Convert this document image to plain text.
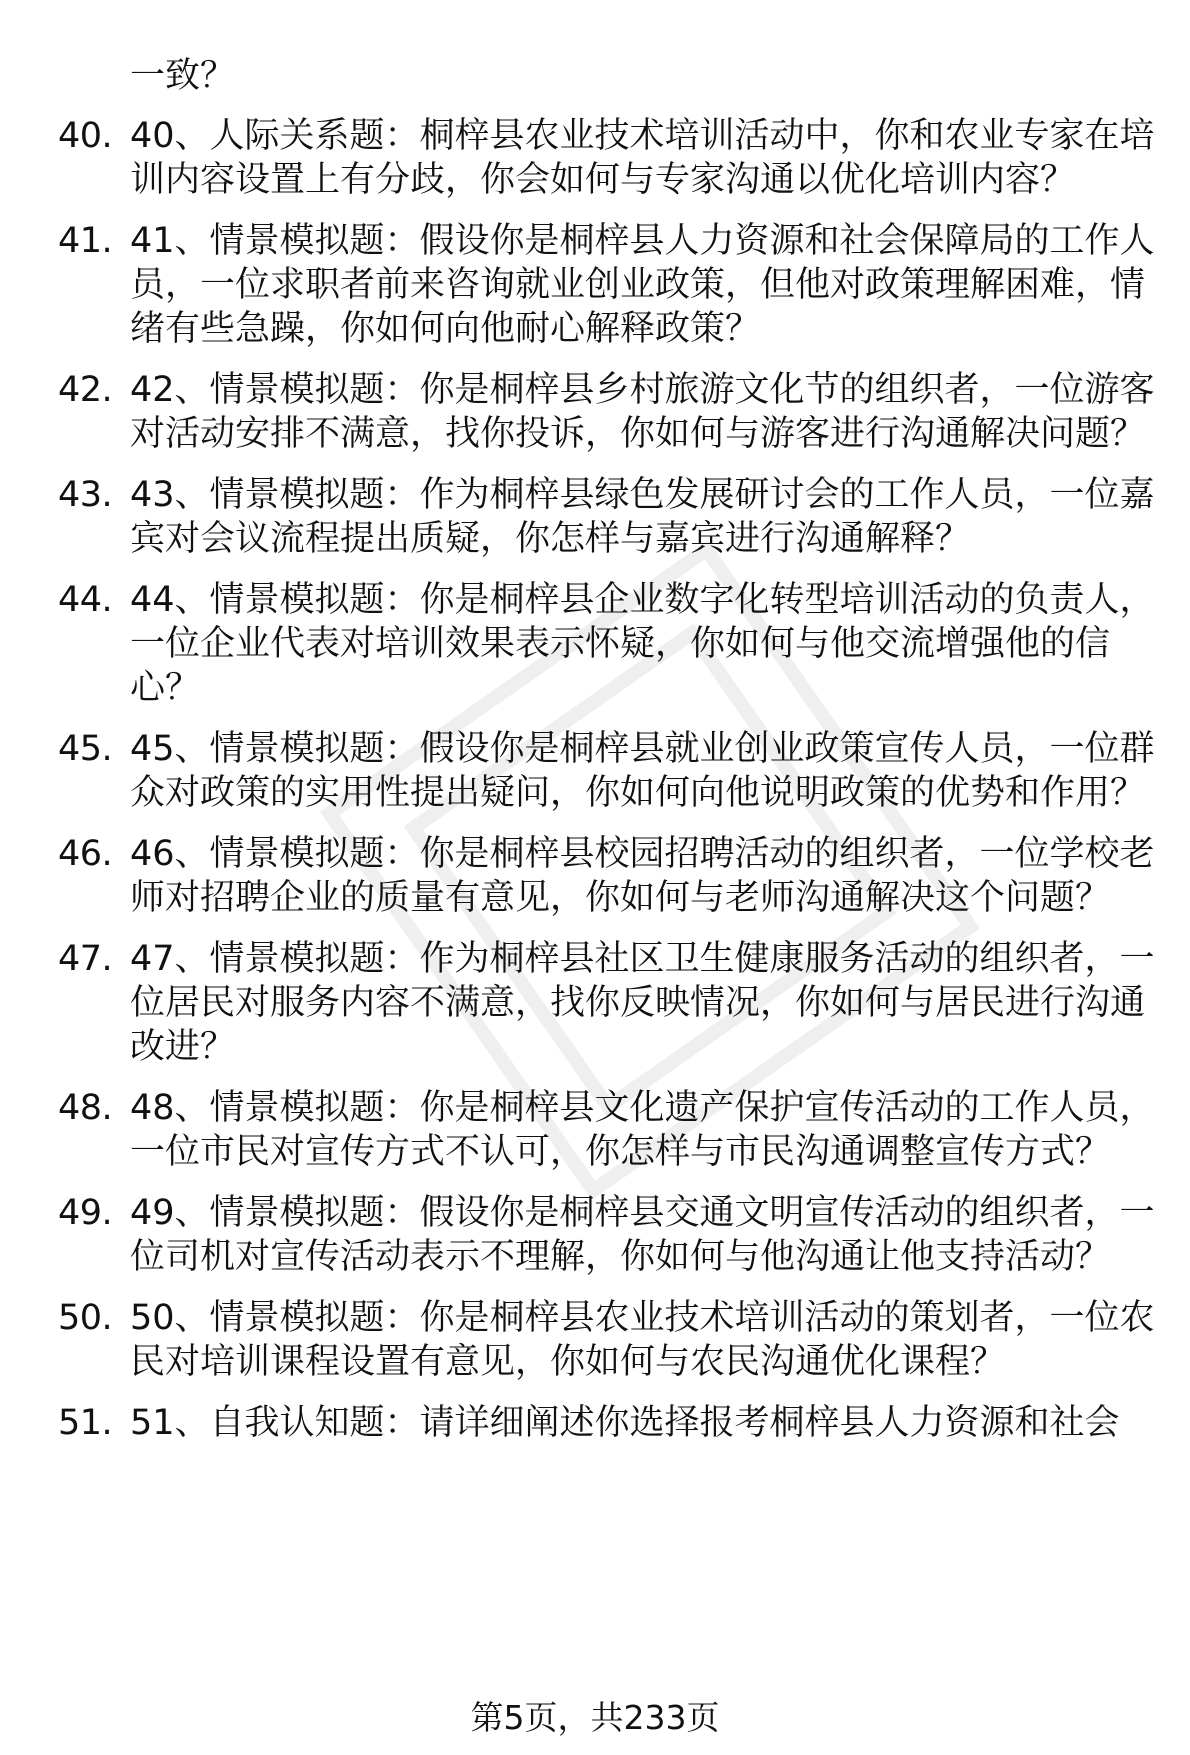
一致？
40. 40、人际关系题：桐梓县农业技术培训活动中，你和农业专家在培训内容设置上有分歧，你会如何与专家沟通以优化培训内容？
41. 41、情景模拟题：假设你是桐梓县人力资源和社会保障局的工作人员，一位求职者前来咨询就业创业政策，但他对政策理解困难，情绪有些急躁，你如何向他耐心解释政策？
42. 42、情景模拟题：你是桐梓县乡村旅游文化节的组织者，一位游客对活动安排不满意，找你投诉，你如何与游客进行沟通解决问题？
43. 43、情景模拟题：作为桐梓县绿色发展研讨会的工作人员，一位嘉宾对会议流程提出质疑，你怎样与嘉宾进行沟通解释？
44. 44、情景模拟题：你是桐梓县企业数字化转型培训活动的负责人，一位企业代表对培训效果表示怀疑，你如何与他交流增强他的信心？
45. 45、情景模拟题：假设你是桐梓县就业创业政策宣传人员，一位群众对政策的实用性提出疑问，你如何向他说明政策的优势和作用？
46. 46、情景模拟题：你是桐梓县校园招聘活动的组织者，一位学校老师对招聘企业的质量有意见，你如何与老师沟通解决这个问题？
47. 47、情景模拟题：作为桐梓县社区卫生健康服务活动的组织者，一位居民对服务内容不满意，找你反映情况，你如何与居民进行沟通改进？
48. 48、情景模拟题：你是桐梓县文化遗产保护宣传活动的工作人员，一位市民对宣传方式不认可，你怎样与市民沟通调整宣传方式？
49. 49、情景模拟题：假设你是桐梓县交通文明宣传活动的组织者，一位司机对宣传活动表示不理解，你如何与他沟通让他支持活动？
50. 50、情景模拟题：你是桐梓县农业技术培训活动的策划者，一位农民对培训课程设置有意见，你如何与农民沟通优化课程？
51. 51、自我认知题：请详细阐述你选择报考桐梓县人力资源和社会
第5页，共233页
